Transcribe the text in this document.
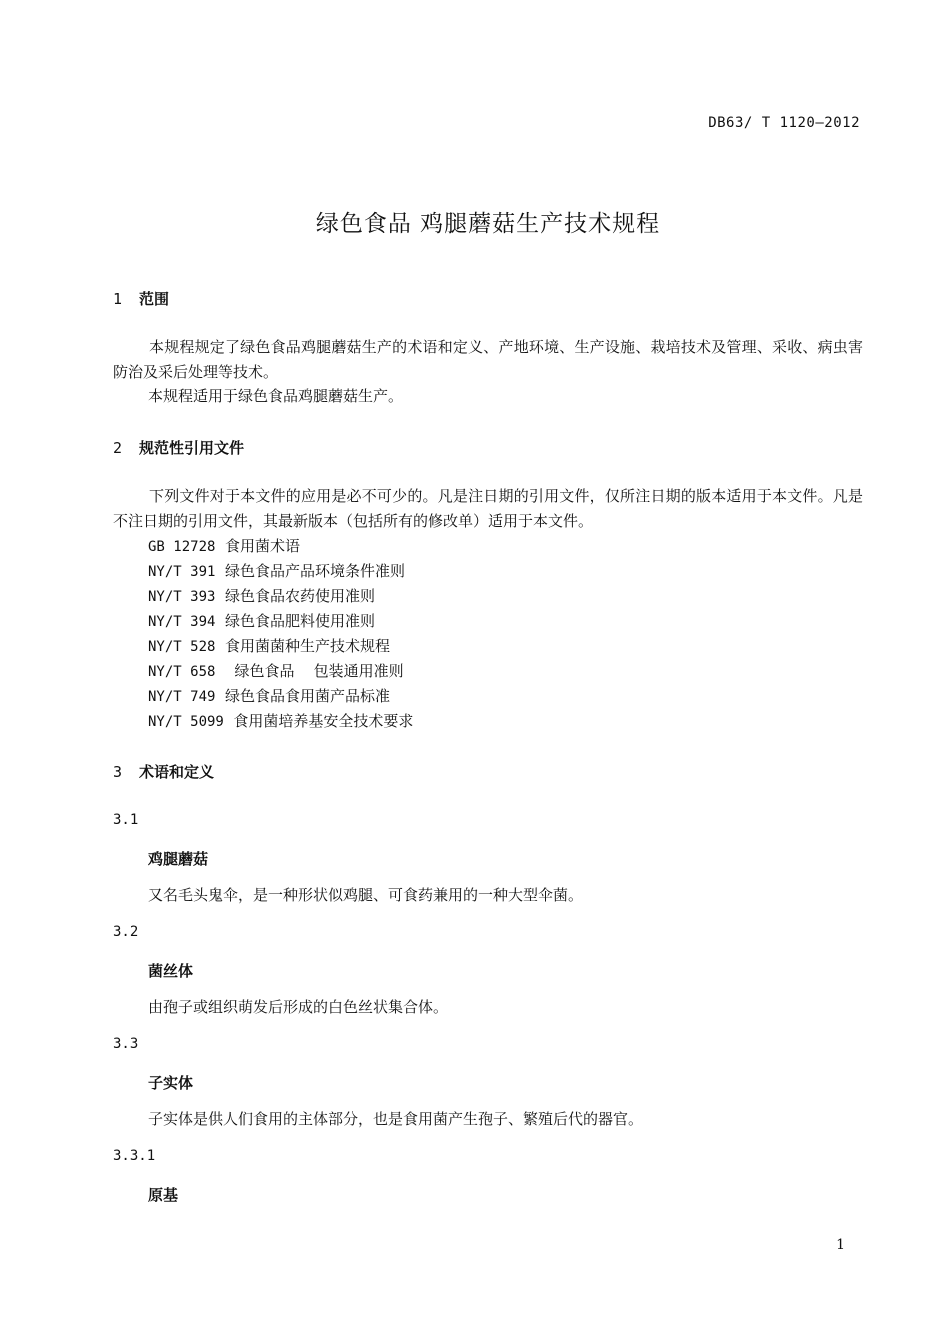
DB63/ T 1120—2012
绿色食品 鸡腿蘑菇生产技术规程
1 范围
本规程规定了绿色食品鸡腿蘑菇生产的术语和定义、产地环境、生产设施、栽培技术及管理、采收、病虫害防治及采后处理等技术。
本规程适用于绿色食品鸡腿蘑菇生产。
2 规范性引用文件
下列文件对于本文件的应用是必不可少的。凡是注日期的引用文件，仅所注日期的版本适用于本文件。凡是不注日期的引用文件，其最新版本（包括所有的修改单）适用于本文件。
GB 12728 食用菌术语
NY/T 391 绿色食品产品环境条件准则
NY/T 393 绿色食品农药使用准则
NY/T 394 绿色食品肥料使用准则
NY/T 528 食用菌菌种生产技术规程
NY/T 658    绿色食品    包装通用准则
NY/T 749 绿色食品食用菌产品标准
NY/T 5099 食用菌培养基安全技术要求
3 术语和定义
3.1
鸡腿蘑菇
又名毛头鬼伞，是一种形状似鸡腿、可食药兼用的一种大型伞菌。
3.2
菌丝体
由孢子或组织萌发后形成的白色丝状集合体。
3.3
子实体
子实体是供人们食用的主体部分，也是食用菌产生孢子、繁殖后代的器官。
3.3.1
原基
1
